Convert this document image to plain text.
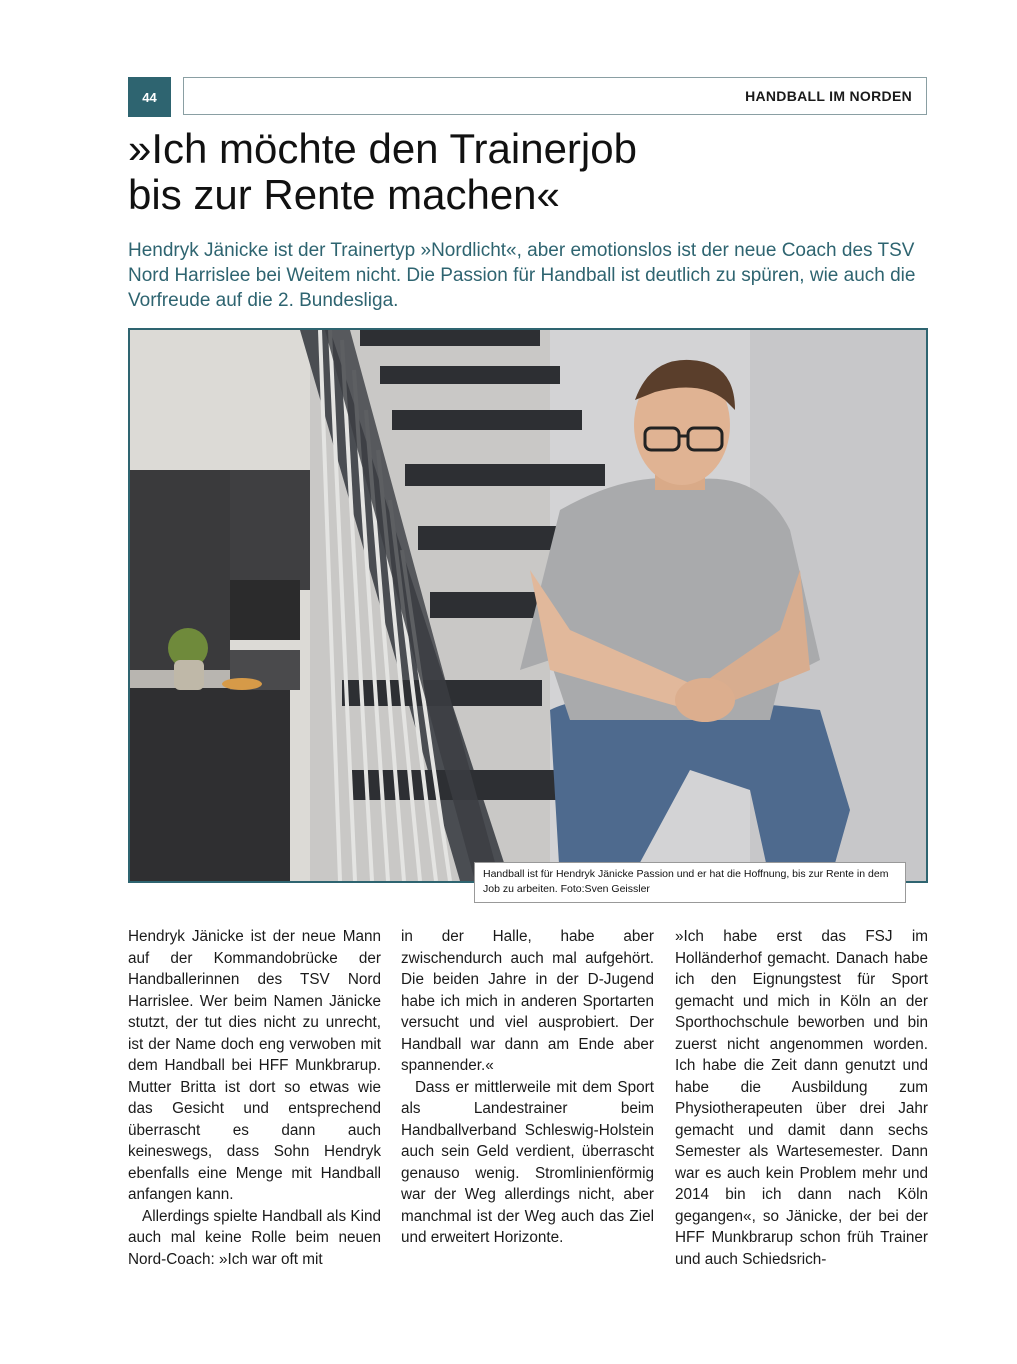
44	HANDBALL IM NORDEN
»Ich möchte den Trainerjob
bis zur Rente machen«

Hendryk Jänicke ist der Trainertyp »Nordlicht«, aber emotionslos ist der neue Coach des TSV Nord Harrislee bei Weitem nicht. Die Passion für Handball ist deutlich zu spüren, wie auch die Vorfreude auf die 2. Bundesliga.

Handball ist für Hendryk Jänicke Passion und er hat die Hoffnung, bis zur Rente in dem Job zu arbeiten. Foto:Sven Geissler

Hendryk Jänicke ist der neue Mann auf der Kommandobrücke der Handballerinnen des TSV Nord Harrislee. Wer beim Namen Jänicke stutzt, der tut dies nicht zu unrecht, ist der Name doch eng verwoben mit dem Handball bei HFF Munkbrarup. Mutter Britta ist dort so etwas wie das Gesicht und entsprechend überrascht es dann auch keineswegs, dass Sohn Hendryk ebenfalls eine Menge mit Handball anfangen kann.

Allerdings spielte Handball als Kind auch mal keine Rolle beim neuen Nord-Coach: »Ich war oft mit

in der Halle, habe aber zwischendurch auch mal aufgehört. Die beiden Jahre in der D-Jugend habe ich mich in anderen Sportarten versucht und viel ausprobiert. Der Handball war dann am Ende aber spannender.«

Dass er mittlerweile mit dem Sport als Landestrainer beim Handballverband Schleswig-Holstein auch sein Geld verdient, überrascht genauso wenig. Stromlinienförmig war der Weg allerdings nicht, aber manchmal ist der Weg auch das Ziel und erweitert Horizonte.

»Ich habe erst das FSJ im Holländerhof gemacht. Danach habe ich den Eignungstest für Sport gemacht und mich in Köln an der Sporthochschule beworben und bin zuerst nicht angenommen worden. Ich habe die Zeit dann genutzt und habe die Ausbildung zum Physiotherapeuten über drei Jahr gemacht und damit dann sechs Semester als Wartesemester. Dann war es auch kein Problem mehr und 2014 bin ich dann nach Köln gegangen«, so Jänicke, der bei der HFF Munkbrarup schon früh Trainer und auch Schiedsrich-
